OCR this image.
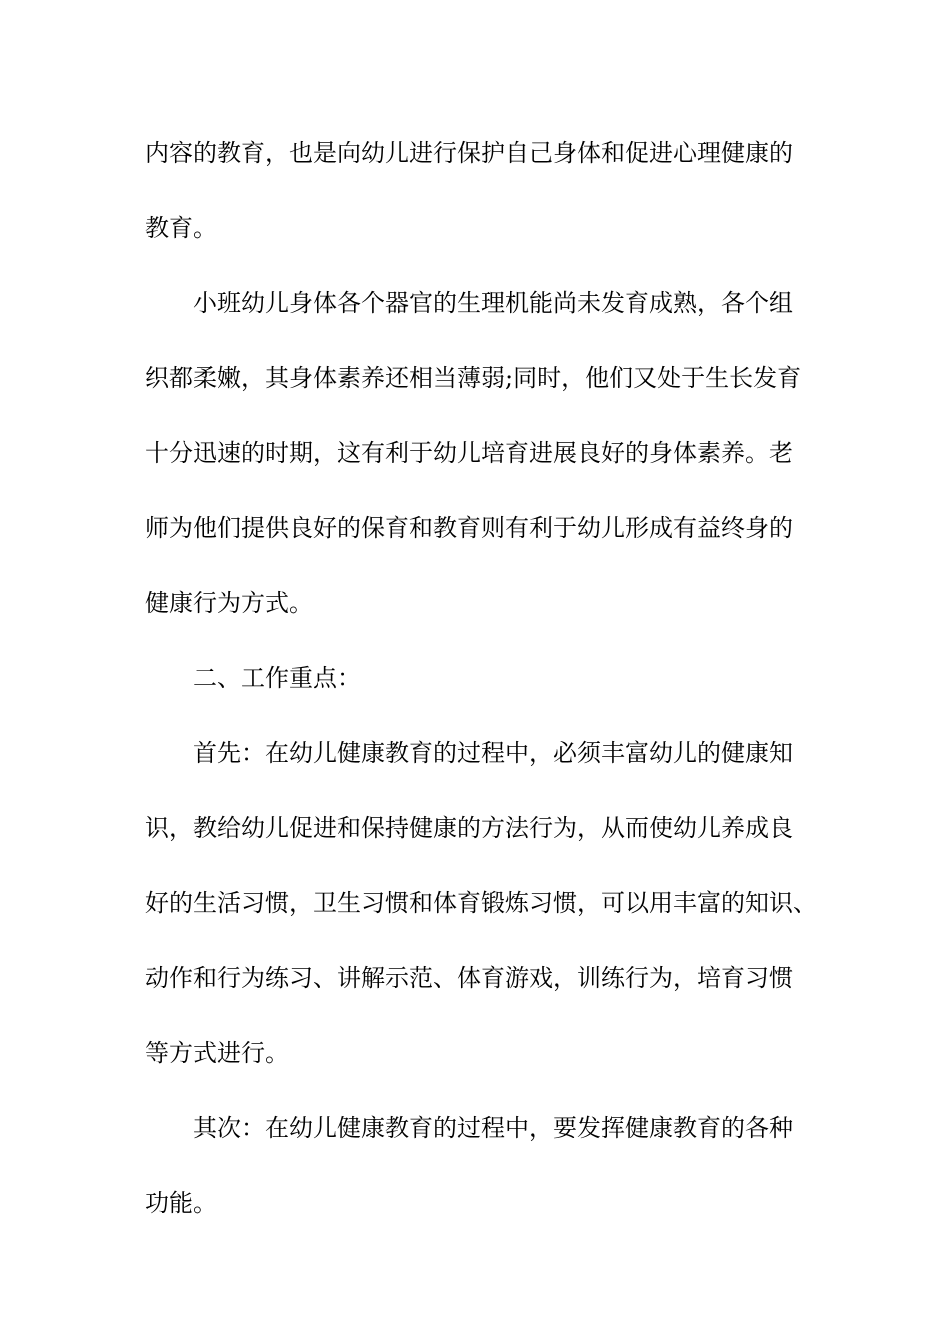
内容的教育，也是向幼儿进行保护自己身体和促进心理健康的
教育。
小班幼儿身体各个器官的生理机能尚未发育成熟，各个组
织都柔嫩，其身体素养还相当薄弱;同时，他们又处于生长发育
十分迅速的时期，这有利于幼儿培育进展良好的身体素养。老
师为他们提供良好的保育和教育则有利于幼儿形成有益终身的
健康行为方式。
二、工作重点：
首先：在幼儿健康教育的过程中，必须丰富幼儿的健康知
识，教给幼儿促进和保持健康的方法行为，从而使幼儿养成良
好的生活习惯，卫生习惯和体育锻炼习惯，可以用丰富的知识、
动作和行为练习、讲解示范、体育游戏，训练行为，培育习惯
等方式进行。
其次：在幼儿健康教育的过程中，要发挥健康教育的各种
功能。
